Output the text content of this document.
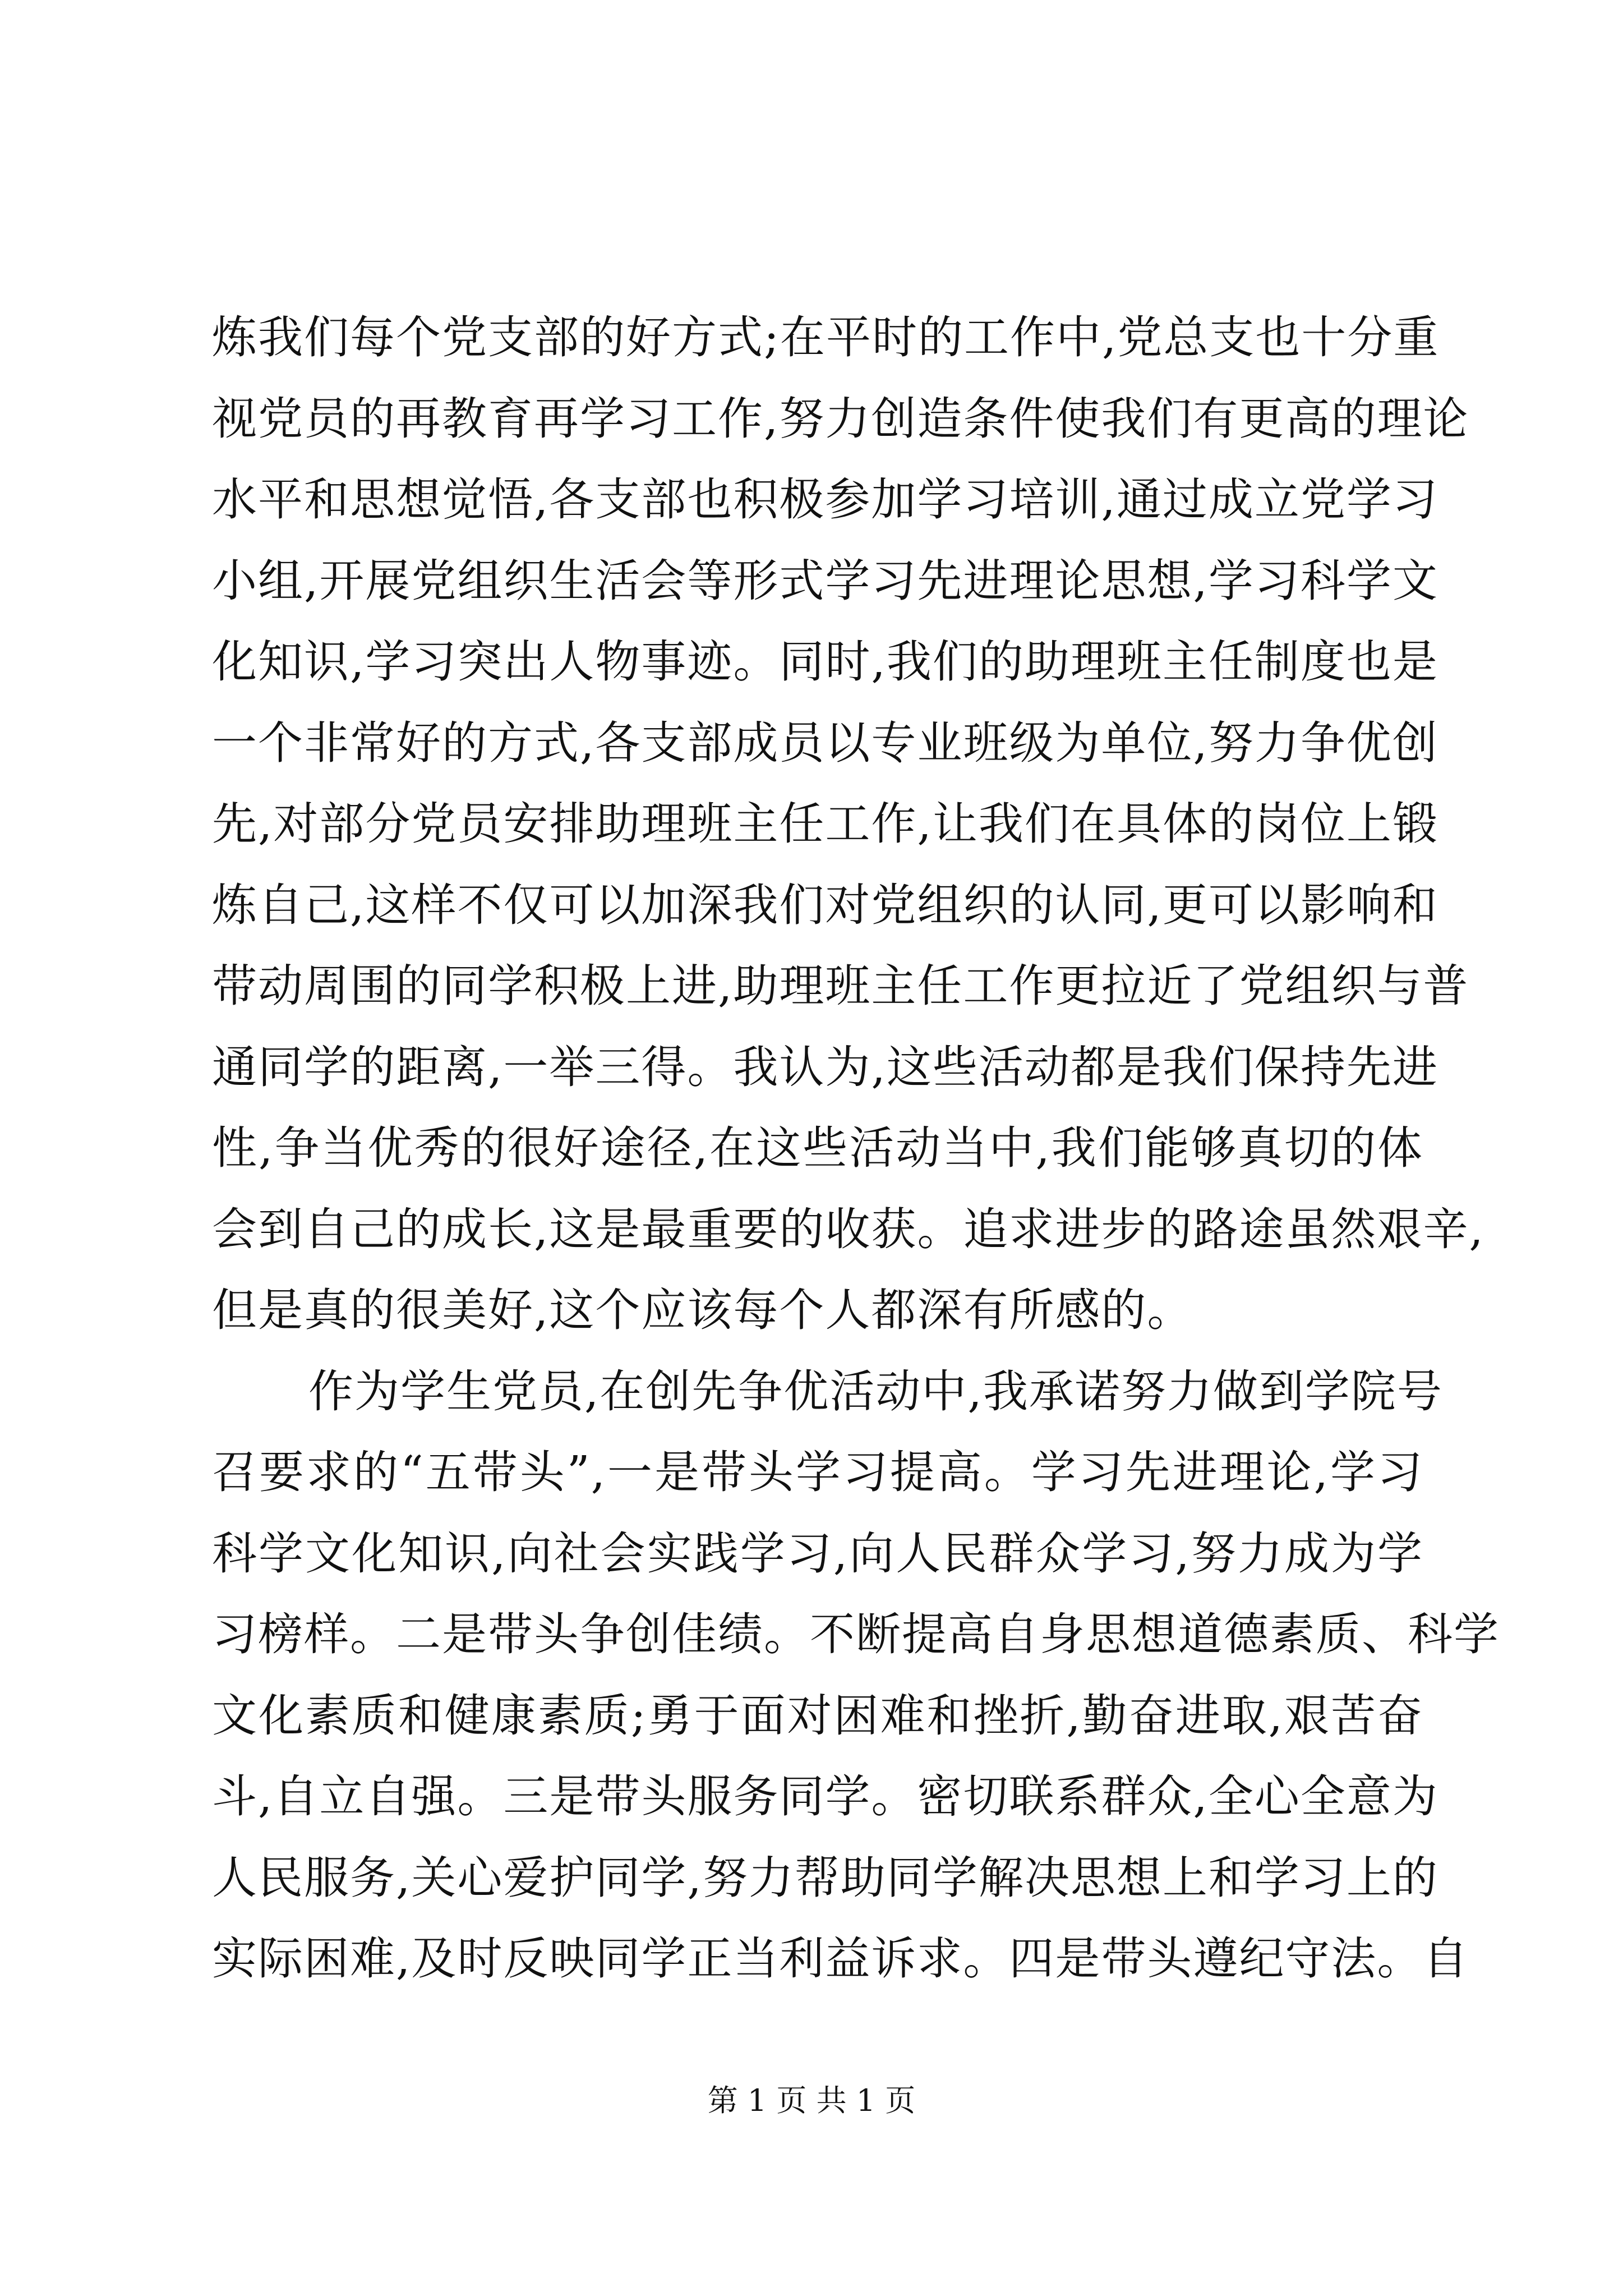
炼我们每个党支部的好方式;在平时的工作中,党总支也十分重
视党员的再教育再学习工作,努力创造条件使我们有更高的理论
水平和思想觉悟,各支部也积极参加学习培训,通过成立党学习
小组,开展党组织生活会等形式学习先进理论思想,学习科学文
化知识,学习突出人物事迹。同时,我们的助理班主任制度也是
一个非常好的方式,各支部成员以专业班级为单位,努力争优创
先,对部分党员安排助理班主任工作,让我们在具体的岗位上锻
炼自己,这样不仅可以加深我们对党组织的认同,更可以影响和
带动周围的同学积极上进,助理班主任工作更拉近了党组织与普
通同学的距离,一举三得。我认为,这些活动都是我们保持先进
性,争当优秀的很好途径,在这些活动当中,我们能够真切的体
会到自己的成长,这是最重要的收获。追求进步的路途虽然艰辛,
但是真的很美好,这个应该每个人都深有所感的。
作为学生党员,在创先争优活动中,我承诺努力做到学院号
召要求的“五带头”,一是带头学习提高。学习先进理论,学习
科学文化知识,向社会实践学习,向人民群众学习,努力成为学
习榜样。二是带头争创佳绩。不断提高自身思想道德素质、科学
文化素质和健康素质;勇于面对困难和挫折,勤奋进取,艰苦奋
斗,自立自强。三是带头服务同学。密切联系群众,全心全意为
人民服务,关心爱护同学,努力帮助同学解决思想上和学习上的
实际困难,及时反映同学正当利益诉求。四是带头遵纪守法。自
第 1 页 共 1 页
